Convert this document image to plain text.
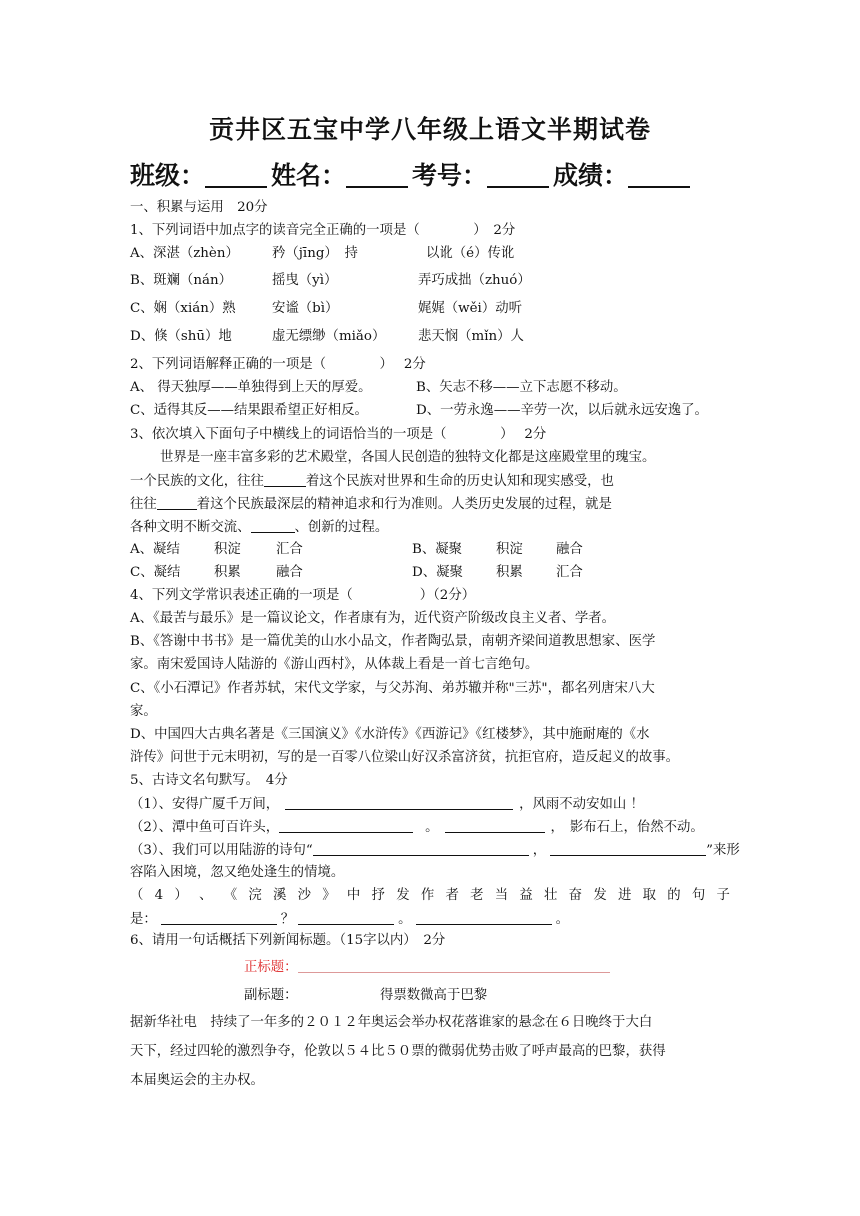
贡井区五宝中学八年级上语文半期试卷
班级：	姓名：	考号：	成绩：
一、积累与运用　20分
1、下列词语中加点字的读音完全正确的一项是（　　　　）　2分
A、深湛（zhèn） 矜（jīng）　持	以讹（é）传讹
B、斑斓（nán）	摇曳（yì）	弄巧成拙（zhuó）
C、娴（xián）熟	安谧（bì）	娓娓（wěi）动听
D、倏（shū）地	虚无缥缈（miǎo） 悲天悯（mǐn）人
2、下列词语解释正确的一项是（　　　　）　 2分
A、 得天独厚——单独得到上天的厚爱。	B、矢志不移——立下志愿不移动。
C、适得其反——结果跟希望正好相反。	D、一劳永逸——辛劳一次，以后就永远安逸了。
3、依次填入下面句子中横线上的词语恰当的一项是（　　　　）　 2分
世界是一座丰富多彩的艺术殿堂，各国人民创造的独特文化都是这座殿堂里的瑰宝。
一个民族的文化，往往	着这个民族对世界和生命的历史认知和现实感受，也
往往	着这个民族最深层的精神追求和行为准则。人类历史发展的过程，就是
各种文明不断交流、	、创新的过程。
A、凝结	积淀	汇合	B、凝聚	积淀 融合
C、凝结	积累	融合	D、凝聚 积累 汇合
4、下列文学常识表述正确的一项是（　　　　　）（2分）
A、《最苦与最乐》是一篇议论文，作者康有为，近代资产阶级改良主义者、学者。
B、《答谢中书书》是一篇优美的山水小品文，作者陶弘景，南朝齐梁间道教思想家、医学
家。南宋爱国诗人陆游的《游山西村》，从体裁上看是一首七言绝句。
C、《小石潭记》作者苏轼，宋代文学家，与父苏洵、弟苏辙并称"三苏"，都名列唐宋八大
家。
D、中国四大古典名著是《三国演义》《水浒传》《西游记》《红楼梦》，其中施耐庵的《水
浒传》问世于元末明初，写的是一百零八位梁山好汉杀富济贫，抗拒官府，造反起义的故事。
5、古诗文名句默写。　4分
（1）、安得广厦千万间，	，风雨不动安如山 ！
（2）、潭中鱼可百许头，	。	， 影布石上，佁然不动。
（3）、我们可以用陆游的诗句“	，	”来形
容陷入困境，忽又绝处逢生的情境。
（ 4 ） 、 《 浣 溪 沙 》 中 抒 发 作 者 老 当 益 壮 奋 发 进 取 的 句 子
是：	？	。	。
6、请用一句话概括下列新闻标题。（15字以内）　2分
正标题：
副标题：	得票数微高于巴黎
据新华社电　持续了一年多的２０１２年奥运会举办权花落谁家的悬念在６日晚终于大白
天下，经过四轮的激烈争夺，伦敦以５４比５０票的微弱优势击败了呼声最高的巴黎，获得
本届奥运会的主办权。
